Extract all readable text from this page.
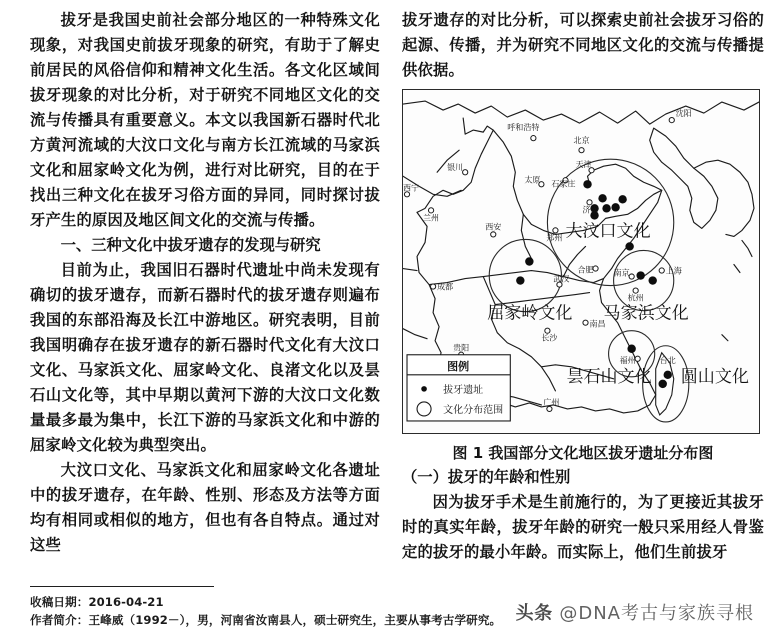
拔牙是我国史前社会部分地区的一种特殊文化现象，对我国史前拔牙现象的研究，有助于了解史前居民的风俗信仰和精神文化生活。各文化区域间拔牙现象的对比分析，对于研究不同地区文化的交流与传播具有重要意义。本文以我国新石器时代北方黄河流域的大汶口文化与南方长江流域的马家浜文化和屈家岭文化为例，进行对比研究，目的在于找出三种文化在拔牙习俗方面的异同，同时探讨拔牙产生的原因及地区间文化的交流与传播。

一、三种文化中拔牙遗存的发现与研究

目前为止，我国旧石器时代遗址中尚未发现有确切的拔牙遗存，而新石器时代的拔牙遗存则遍布我国的东部沿海及长江中游地区。研究表明，目前我国明确存在拔牙遗存的新石器时代文化有大汶口文化、马家浜文化、屈家岭文化、良渚文化以及昙石山文化等，其中早期以黄河下游的大汶口文化数量最多最为集中，长江下游的马家浜文化和中游的屈家岭文化较为典型突出。

大汶口文化、马家浜文化和屈家岭文化各遗址中的拔牙遗存，在年龄、性别、形态及方法等方面均有相同或相似的地方，但也有各自特点。通过对这些

拔牙遗存的对比分析，可以探索史前社会拔牙习俗的起源、传播，并为研究不同地区文化的交流与传播提供依据。

沈阳
呼和浩特
北京
银川
太原 石家庄
天津
西宁
兰州
西安
郑州
济南
合肥	南京	上海
杭州
武汉
成都
长沙
南昌
贵阳
福州	台北
广州
大汶口文化
屈家岭文化 马家浜文化
昙石山文化 圆山文化
图例
拔牙遗址
文化分布范围
图 1 我国部分文化地区拔牙遗址分布图
（一）拔牙的年龄和性别

因为拔牙手术是生前施行的，为了更接近其拔牙时的真实年龄，拔牙年龄的研究一般只采用经人骨鉴定的拔牙的最小年龄。而实际上，他们生前拔牙

收稿日期：2016-04-21
作者简介：王峰威（1992－），男，河南省汝南县人，硕士研究生，主要从事考古学研究。 头条 @DNA考古与家族寻根
